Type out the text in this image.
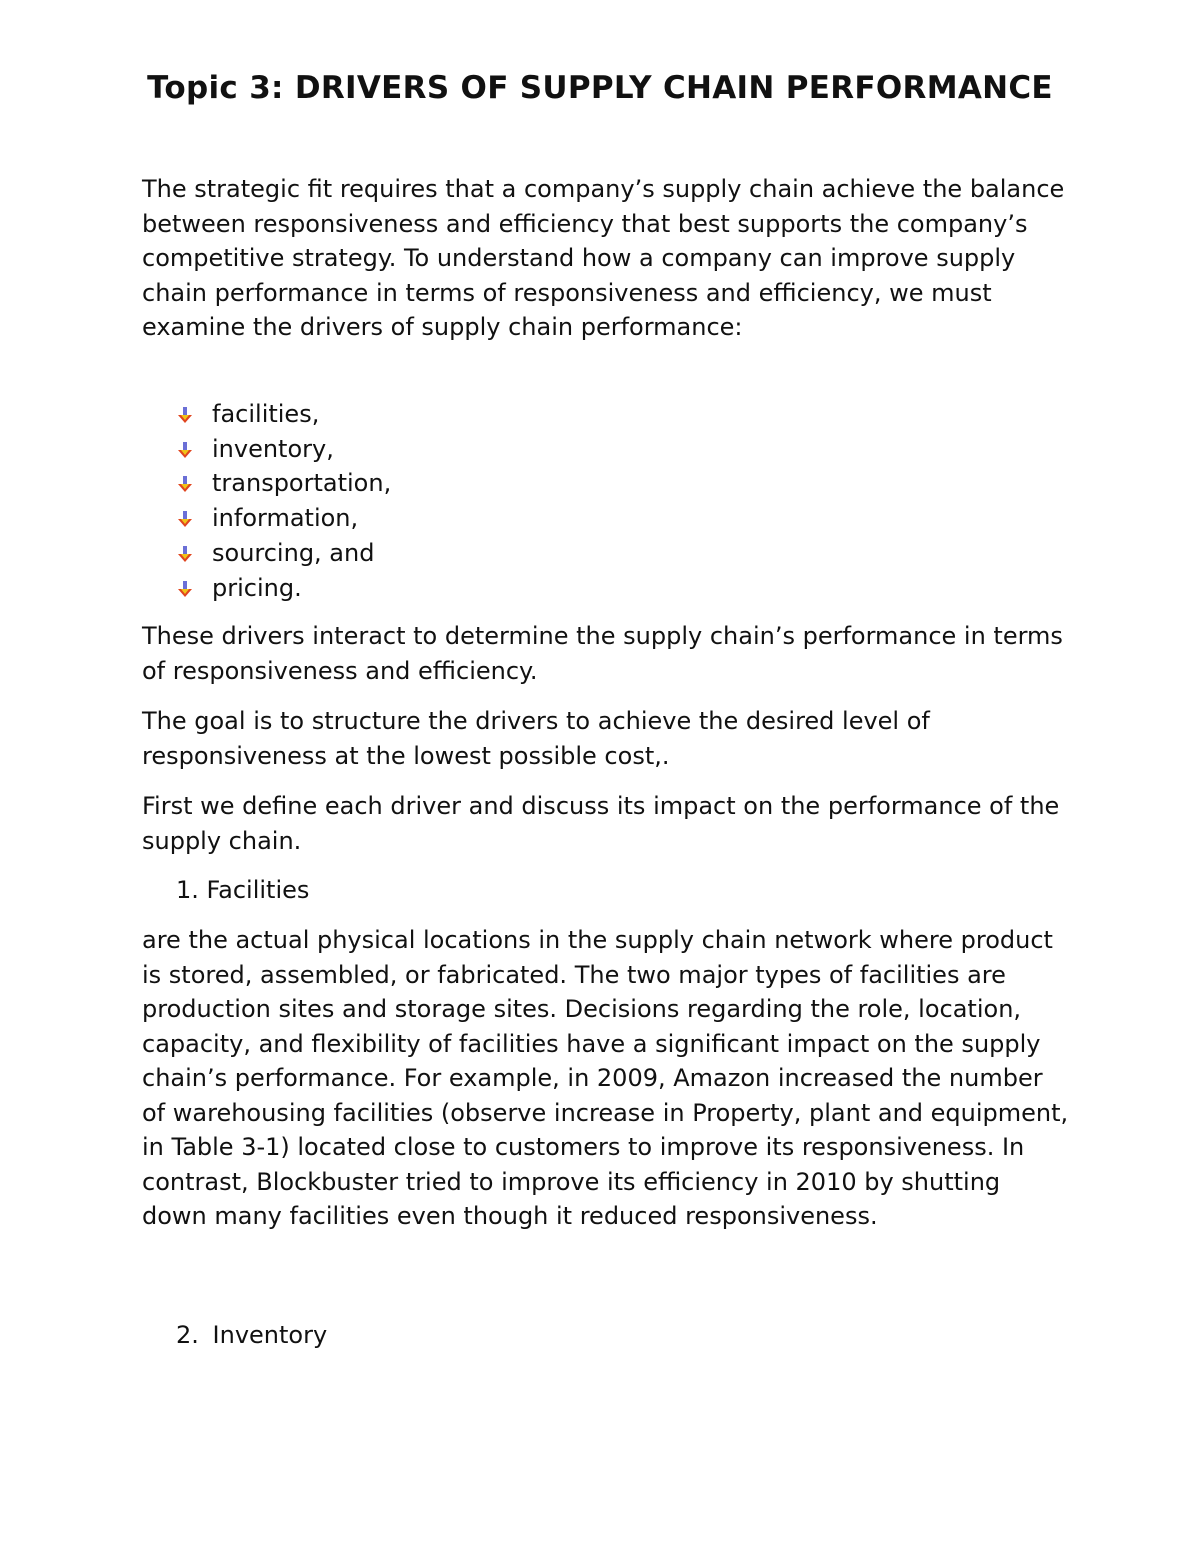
Topic 3: DRIVERS OF SUPPLY CHAIN PERFORMANCE

The strategic fit requires that a company’s supply chain achieve the balance between responsiveness and efficiency that best supports the company’s competitive strategy. To understand how a company can improve supply chain performance in terms of responsiveness and efficiency, we must examine the drivers of supply chain performance:

facilities,
inventory,
transportation,
information,
sourcing, and
pricing.

These drivers interact to determine the supply chain’s performance in terms of responsiveness and efficiency.

The goal is to structure the drivers to achieve the desired level of responsiveness at the lowest possible cost,.

First we define each driver and discuss its impact on the performance of the supply chain.

1. Facilities

are the actual physical locations in the supply chain network where product is stored, assembled, or fabricated. The two major types of facilities are production sites and storage sites. Decisions regarding the role, location, capacity, and flexibility of facilities have a significant impact on the supply chain’s performance. For example, in 2009, Amazon increased the number of warehousing facilities (observe increase in Property, plant and equipment, in Table 3-1) located close to customers to improve its responsiveness. In contrast, Blockbuster tried to improve its efficiency in 2010 by shutting down many facilities even though it reduced responsiveness.

2. Inventory
